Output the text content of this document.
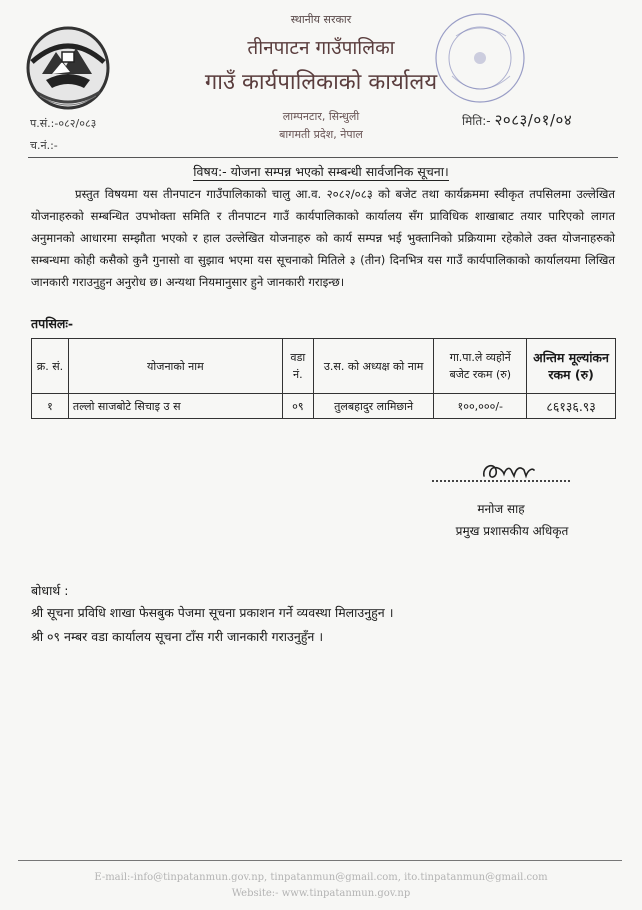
स्थानीय सरकार
तीनपाटन गाउँपालिका
गाउँ कार्यपालिकाको कार्यालय
लाम्पनटार, सिन्धुली
बागमती प्रदेश, नेपाल
प.सं.:-०८२/०८३
च.नं.:-
मिति:- २०८३/०१/०४
विषय:- योजना सम्पन्न भएको सम्बन्धी सार्वजनिक सूचना।
प्रस्तुत विषयमा यस तीनपाटन गाउँपालिकाको चालु आ.व. २०८२/०८३ को बजेट तथा कार्यक्रममा स्वीकृत तपसिलमा उल्लेखित योजनाहरुको सम्बन्धित उपभोक्ता समिति र तीनपाटन गाउँ कार्यपालिकाको कार्यालय सँग प्राविधिक शाखाबाट तयार पारिएको लागत अनुमानको आधारमा सम्झौता भएको र हाल उल्लेखित योजनाहरु को कार्य सम्पन्न भई भुक्तानिको प्रक्रियामा रहेकोले उक्त योजनाहरुको सम्बन्धमा कोही कसैको कुनै गुनासो वा सुझाव भएमा यस सूचनाको मितिले ३ (तीन) दिनभित्र यस गाउँ कार्यपालिकाको कार्यालयमा लिखित जानकारी गराउनुहुन अनुरोध छ। अन्यथा नियमानुसार हुने जानकारी गराइन्छ।
तपसिलः-
क्र. सं.	योजनाको नाम	वडा नं.	उ.स. को अध्यक्ष को नाम	गा.पा.ले व्यहोर्ने बजेट रकम (रु)	अन्तिम मूल्यांकन रकम (रु)
१	तल्लो साजबोटे सिचाइ उ स	०९	तुलबहादुर लामिछाने	१००,०००/-	८६१३६.९३
मनोज साह
प्रमुख प्रशासकीय अधिकृत
बोधार्थ :
श्री सूचना प्रविधि शाखा फेसबुक पेजमा सूचना प्रकाशन गर्ने व्यवस्था मिलाउनुहुन ।
श्री ०९ नम्बर वडा कार्यालय सूचना टाँस गरी जानकारी गराउनुहुँन ।
E-mail:-info@tinpatanmun.gov.np, tinpatanmun@gmail.com, ito.tinpatanmun@gmail.com
Website:- www.tinpatanmun.gov.np
